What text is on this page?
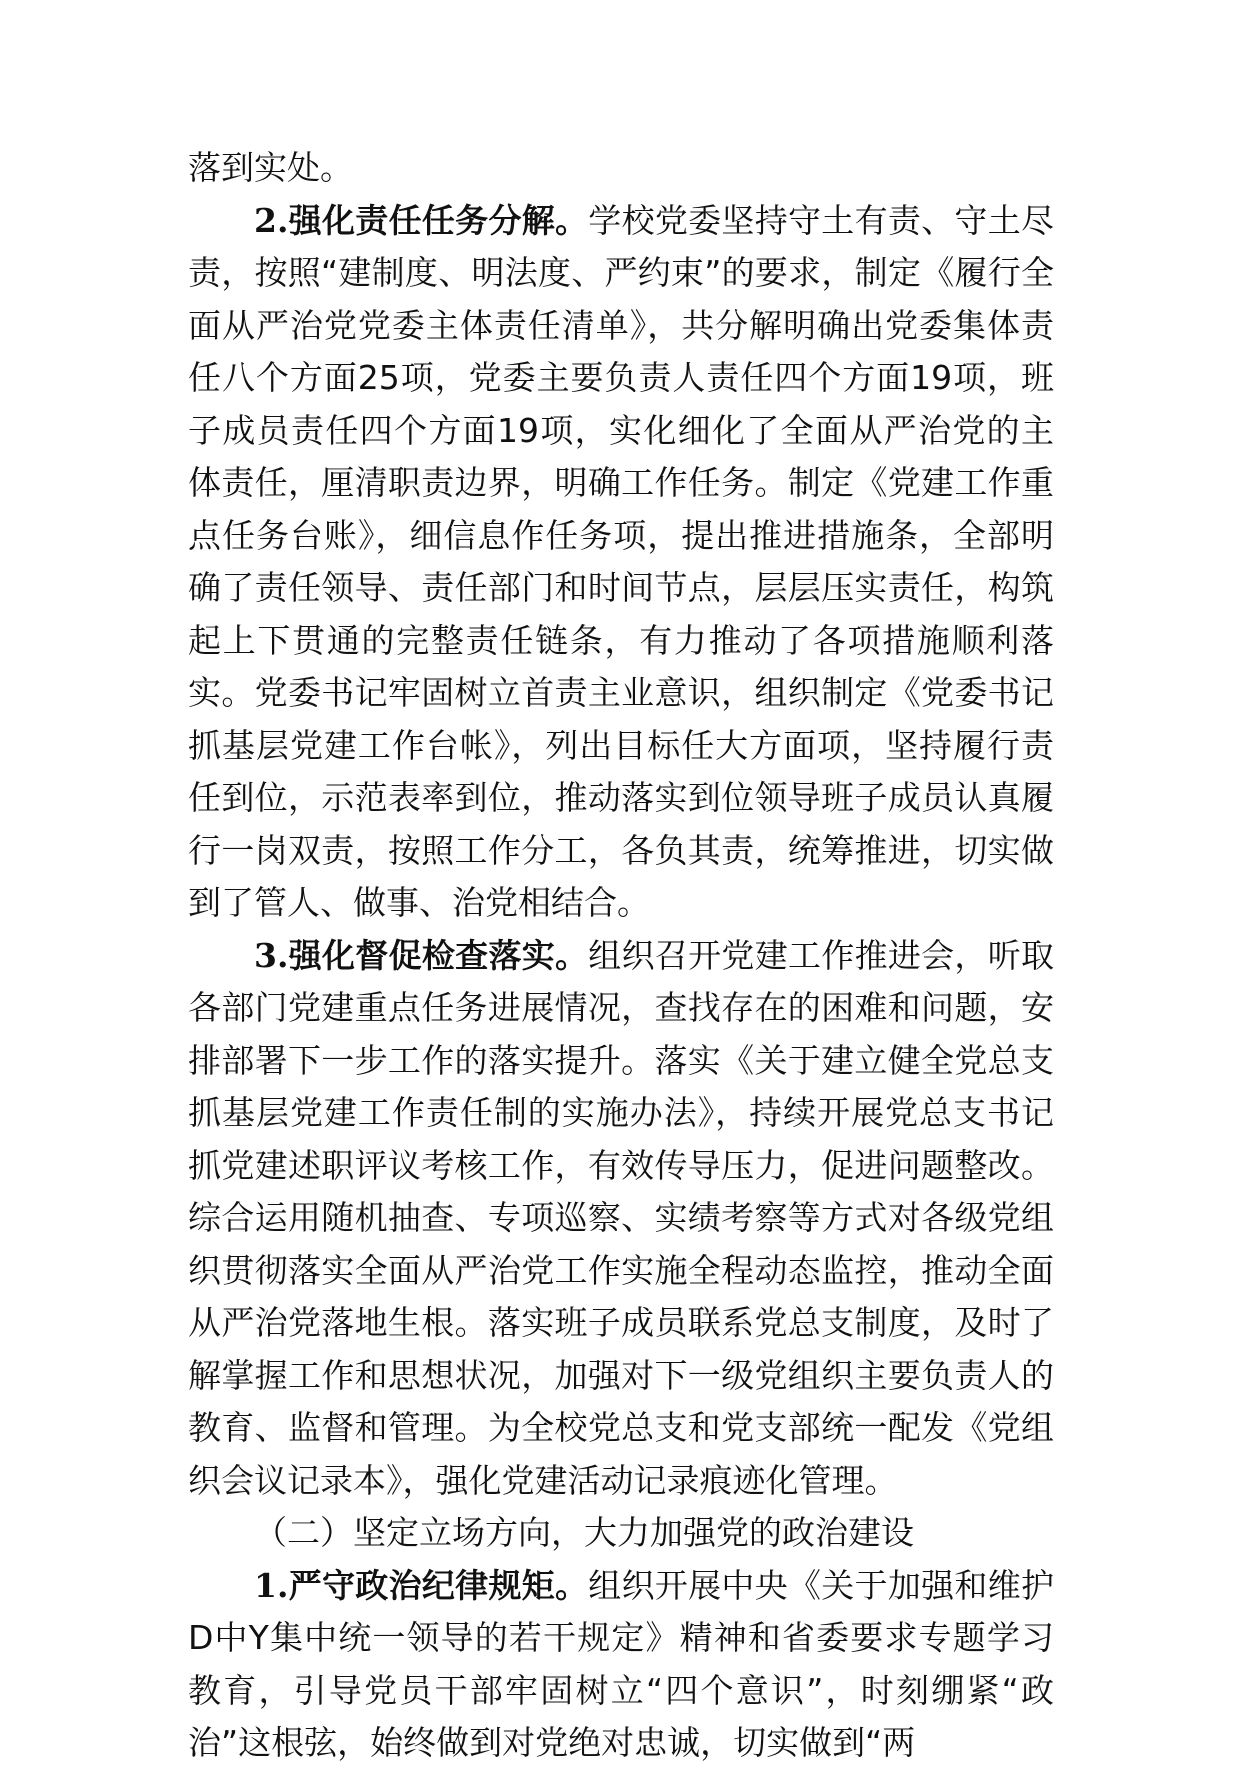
落到实处。

2.强化责任任务分解。学校党委坚持守土有责、守土尽责，按照“建制度、明法度、严约束”的要求，制定《履行全面从严治党党委主体责任清单》，共分解明确出党委集体责任八个方面25项，党委主要负责人责任四个方面19项，班子成员责任四个方面19项，实化细化了全面从严治党的主体责任，厘清职责边界，明确工作任务。制定《党建工作重点任务台账》，细信息作任务项，提出推进措施条，全部明确了责任领导、责任部门和时间节点，层层压实责任，构筑起上下贯通的完整责任链条，有力推动了各项措施顺利落实。党委书记牢固树立首责主业意识，组织制定《党委书记抓基层党建工作台帐》，列出目标任大方面项，坚持履行责任到位，示范表率到位，推动落实到位领导班子成员认真履行一岗双责，按照工作分工，各负其责，统筹推进，切实做到了管人、做事、治党相结合。

3.强化督促检查落实。组织召开党建工作推进会，听取各部门党建重点任务进展情况，查找存在的困难和问题，安排部署下一步工作的落实提升。落实《关于建立健全党总支抓基层党建工作责任制的实施办法》，持续开展党总支书记抓党建述职评议考核工作，有效传导压力，促进问题整改。综合运用随机抽查、专项巡察、实绩考察等方式对各级党组织贯彻落实全面从严治党工作实施全程动态监控，推动全面从严治党落地生根。落实班子成员联系党总支制度，及时了解掌握工作和思想状况，加强对下一级党组织主要负责人的教育、监督和管理。为全校党总支和党支部统一配发《党组织会议记录本》，强化党建活动记录痕迹化管理。

（二）坚定立场方向，大力加强党的政治建设

1.严守政治纪律规矩。组织开展中央《关于加强和维护D中Y集中统一领导的若干规定》精神和省委要求专题学习教育，引导党员干部牢固树立“四个意识”，时刻绷紧“政治”这根弦，始终做到对党绝对忠诚，切实做到“两
